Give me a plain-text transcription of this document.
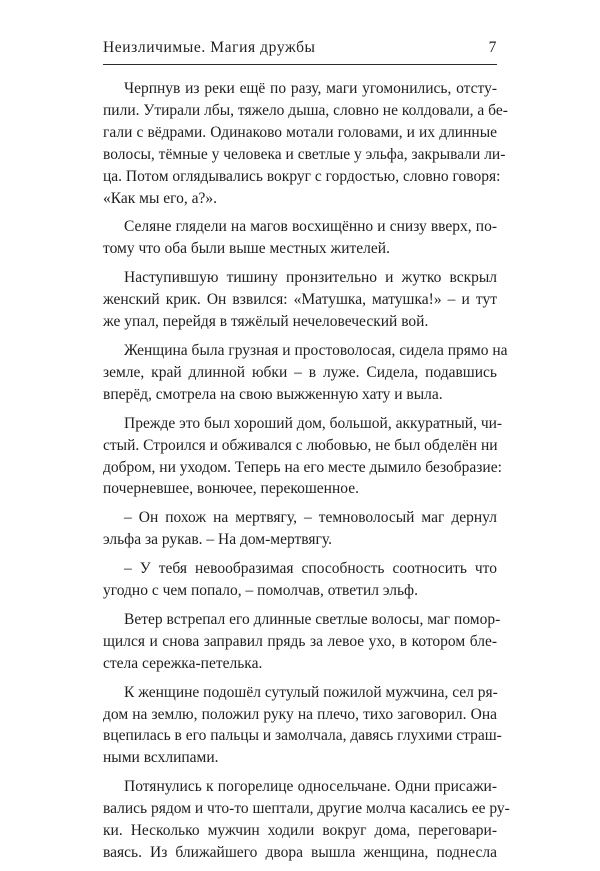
Неизличимые. Магия дружбы	7
Черпнув из реки ещё по разу, маги угомонились, отсту-
пили. Утирали лбы, тяжело дыша, словно не колдовали, а бе-
гали с вёдрами. Одинаково мотали головами, и их длинные
волосы, тёмные у человека и светлые у эльфа, закрывали ли-
ца. Потом оглядывались вокруг с гордостью, словно говоря:
«Как мы его, а?».
Селяне глядели на магов восхищённо и снизу вверх, по-
тому что оба были выше местных жителей.
Наступившую тишину пронзительно и жутко вскрыл
женский крик. Он взвился: «Матушка, матушка!» – и тут
же упал, перейдя в тяжёлый нечеловеческий вой.
Женщина была грузная и простоволосая, сидела прямо на
земле, край длинной юбки – в луже. Сидела, подавшись
вперёд, смотрела на свою выжженную хату и выла.
Прежде это был хороший дом, большой, аккуратный, чи-
стый. Строился и обживался с любовью, не был обделён ни
добром, ни уходом. Теперь на его месте дымило безобразие:
почерневшее, вонючее, перекошенное.
– Он похож на мертвягу, – темноволосый маг дернул
эльфа за рукав. – На дом-мертвягу.
– У тебя невообразимая способность соотносить что
угодно с чем попало, – помолчав, ответил эльф.
Ветер встрепал его длинные светлые волосы, маг помор-
щился и снова заправил прядь за левое ухо, в котором бле-
стела сережка-петелька.
К женщине подошёл сутулый пожилой мужчина, сел ря-
дом на землю, положил руку на плечо, тихо заговорил. Она
вцепилась в его пальцы и замолчала, давясь глухими страш-
ными всхлипами.
Потянулись к погорелице односельчане. Одни присажи-
вались рядом и что-то шептали, другие молча касались ее ру-
ки. Несколько мужчин ходили вокруг дома, переговари-
ваясь. Из ближайшего двора вышла женщина, поднесла
